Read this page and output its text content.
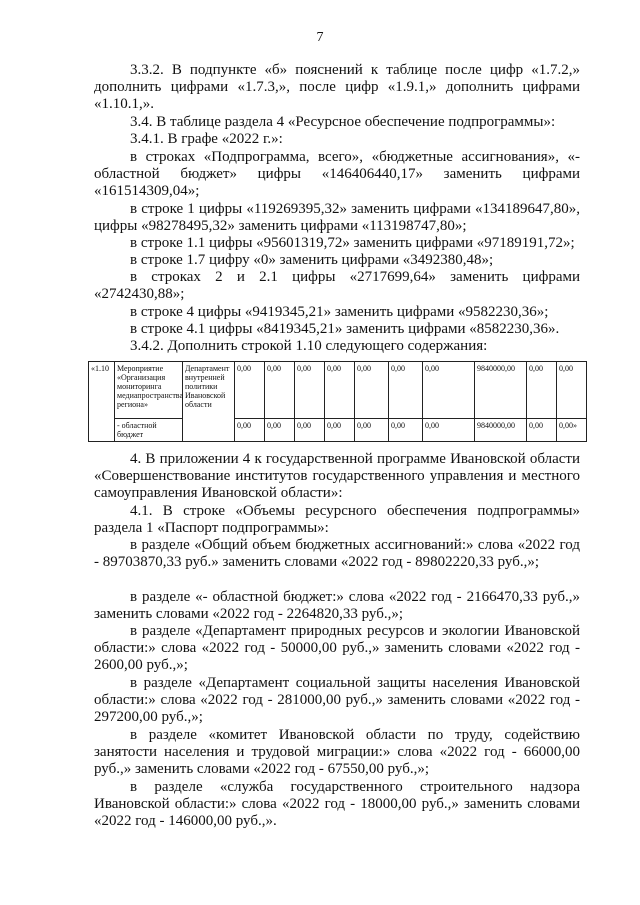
7

3.3.2. В подпункте «б» пояснений к таблице после цифр «1.7.2,» дополнить цифрами «1.7.3,», после цифр «1.9.1,» дополнить цифрами «1.10.1,».

3.4. В таблице раздела 4 «Ресурсное обеспечение подпрограммы»:

3.4.1. В графе «2022 г.»:

в строках «Подпрограмма, всего», «бюджетные ассигнования», «- областной бюджет» цифры «146406440,17» заменить цифрами «161514309,04»;

в строке 1 цифры «119269395,32» заменить цифрами «134189647,80», цифры «98278495,32» заменить цифрами «113198747,80»;

в строке 1.1 цифры «95601319,72» заменить цифрами «97189191,72»;

в строке 1.7 цифру «0» заменить цифрами «3492380,48»;

в строках 2 и 2.1 цифры «2717699,64» заменить цифрами «2742430,88»;

в строке 4 цифры «9419345,21» заменить цифрами «9582230,36»;

в строке 4.1 цифры «8419345,21» заменить цифрами «8582230,36».

3.4.2. Дополнить строкой 1.10 следующего содержания:

«1.10	Мероприятие «Организация мониторинга медиапространства региона»	Департамент внутренней политики Ивановской области	0,00	0,00	0,00	0,00	0,00	0,00	0,00	9840000,00	0,00	0,00
	- областной бюджет		0,00	0,00	0,00	0,00	0,00	0,00	0,00	9840000,00	0,00	0,00»

4. В приложении 4 к государственной программе Ивановской области «Совершенствование институтов государственного управления и местного самоуправления Ивановской области»:

4.1. В строке «Объемы ресурсного обеспечения подпрограммы» раздела 1 «Паспорт подпрограммы»:

в разделе «Общий объем бюджетных ассигнований:» слова «2022 год - 89703870,33 руб.» заменить словами «2022 год - 89802220,33 руб.,»;

в разделе «- областной бюджет:» слова «2022 год - 2166470,33 руб.,» заменить словами «2022 год - 2264820,33 руб.,»;

в разделе «Департамент природных ресурсов и экологии Ивановской области:» слова «2022 год - 50000,00 руб.,» заменить словами «2022 год - 2600,00 руб.,»;

в разделе «Департамент социальной защиты населения Ивановской области:» слова «2022 год - 281000,00 руб.,» заменить словами «2022 год - 297200,00 руб.,»;

в разделе «комитет Ивановской области по труду, содействию занятости населения и трудовой миграции:» слова «2022 год - 66000,00 руб.,» заменить словами «2022 год - 67550,00 руб.,»;

в разделе «служба государственного строительного надзора Ивановской области:» слова «2022 год - 18000,00 руб.,» заменить словами «2022 год - 146000,00 руб.,».
